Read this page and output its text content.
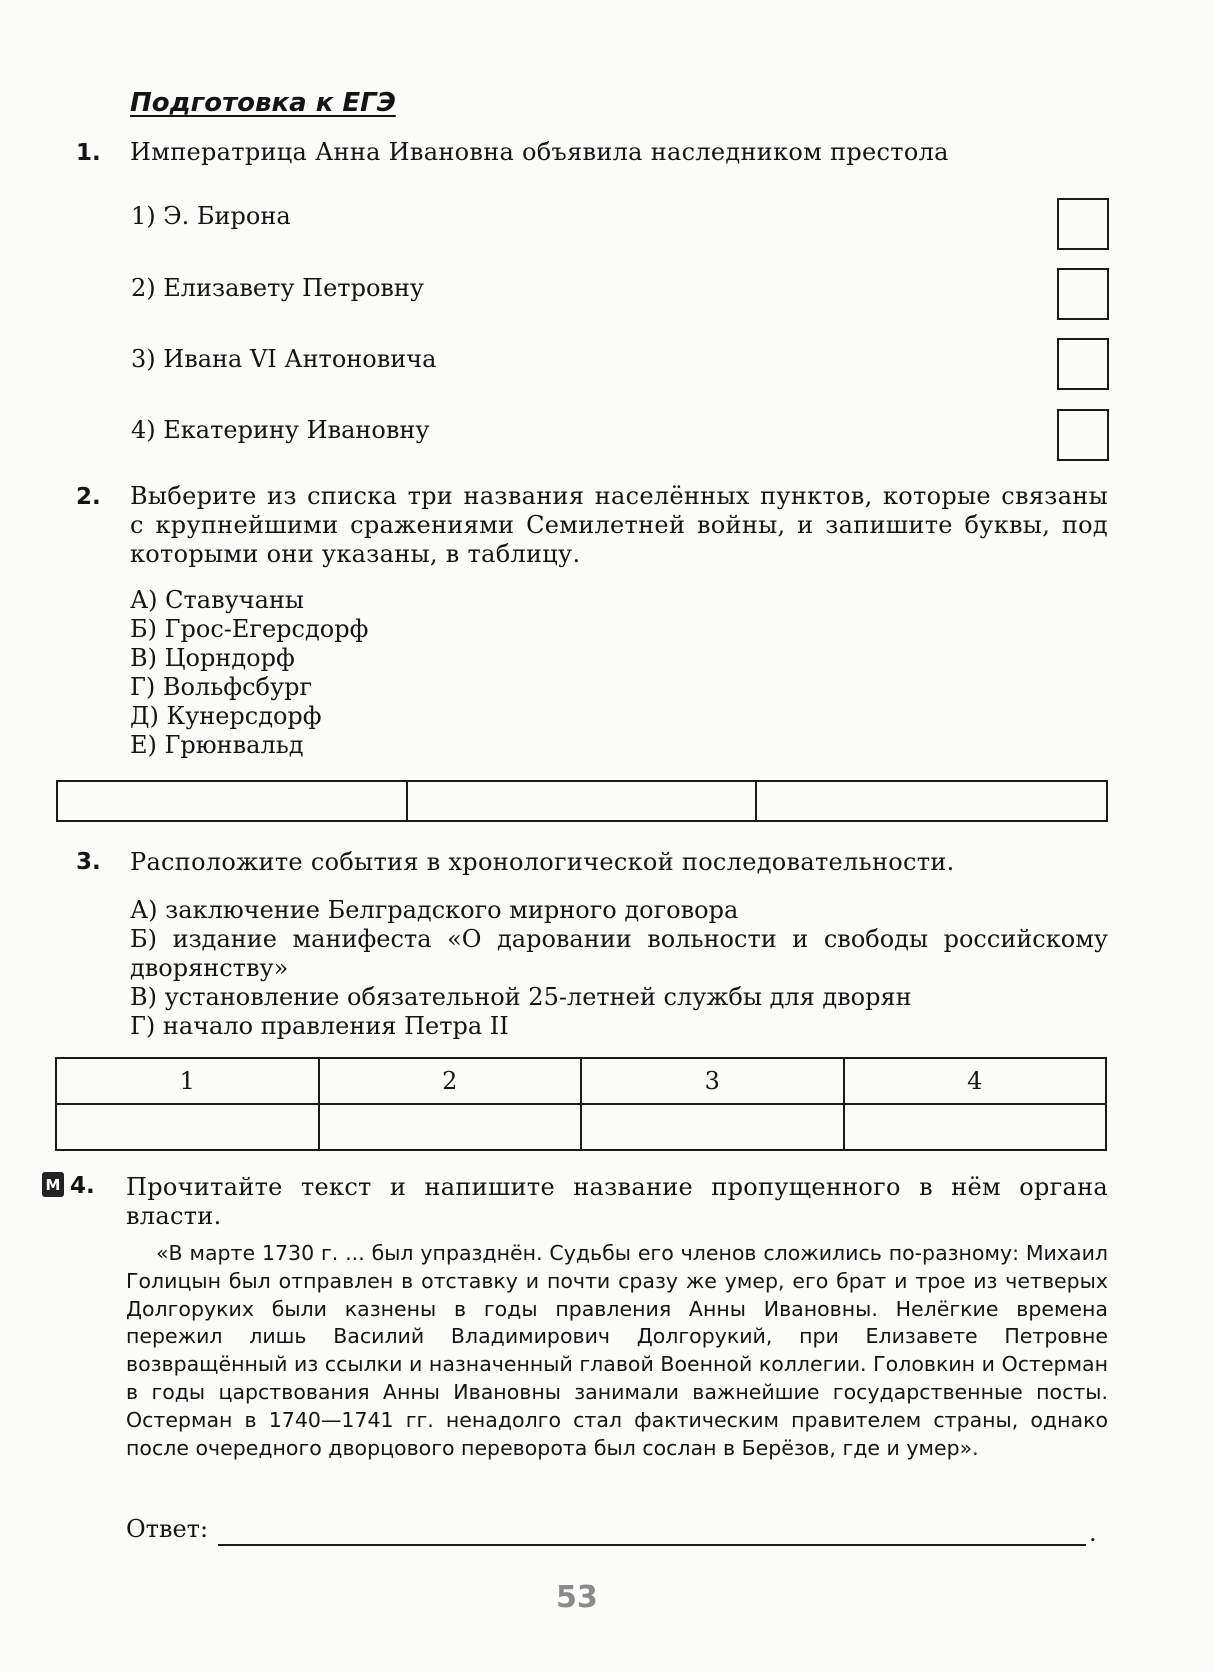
Подготовка к ЕГЭ
1. Императрица Анна Ивановна объявила наследником престола
1) Э. Бирона
2) Елизавету Петровну
3) Ивана VI Антоновича
4) Екатерину Ивановну
2. Выберите из списка три названия населённых пунктов, которые связаны с крупнейшими сражениями Семилетней войны, и запишите буквы, под которыми они указаны, в таблицу.
А) Ставучаны
Б) Грос-Егерсдорф
В) Цорндорф
Г) Вольфсбург
Д) Кунерсдорф
Е) Грюнвальд

3. Расположите события в хронологической последовательности.
А) заключение Белградского мирного договора
Б) издание манифеста «О даровании вольности и свободы российскому дворянству»
В) установление обязательной 25-летней службы для дворян
Г) начало правления Петра II
1	2	3	4

М 4. Прочитайте текст и напишите название пропущенного в нём органа власти.
«В марте 1730 г. ... был упразднён. Судьбы его членов сложились по-разному: Михаил Голицын был отправлен в отставку и почти сразу же умер, его брат и трое из четверых Долгоруких были казнены в годы правления Анны Ивановны. Нелёгкие времена пережил лишь Василий Владимирович Долгорукий, при Елизавете Петровне возвращённый из ссылки и назначенный главой Военной коллегии. Головкин и Остерман в годы царствования Анны Ивановны занимали важнейшие государственные посты. Остерман в 1740—1741 гг. ненадолго стал фактическим правителем страны, однако после очередного дворцового переворота был сослан в Берёзов, где и умер».
Ответ:	.
53
